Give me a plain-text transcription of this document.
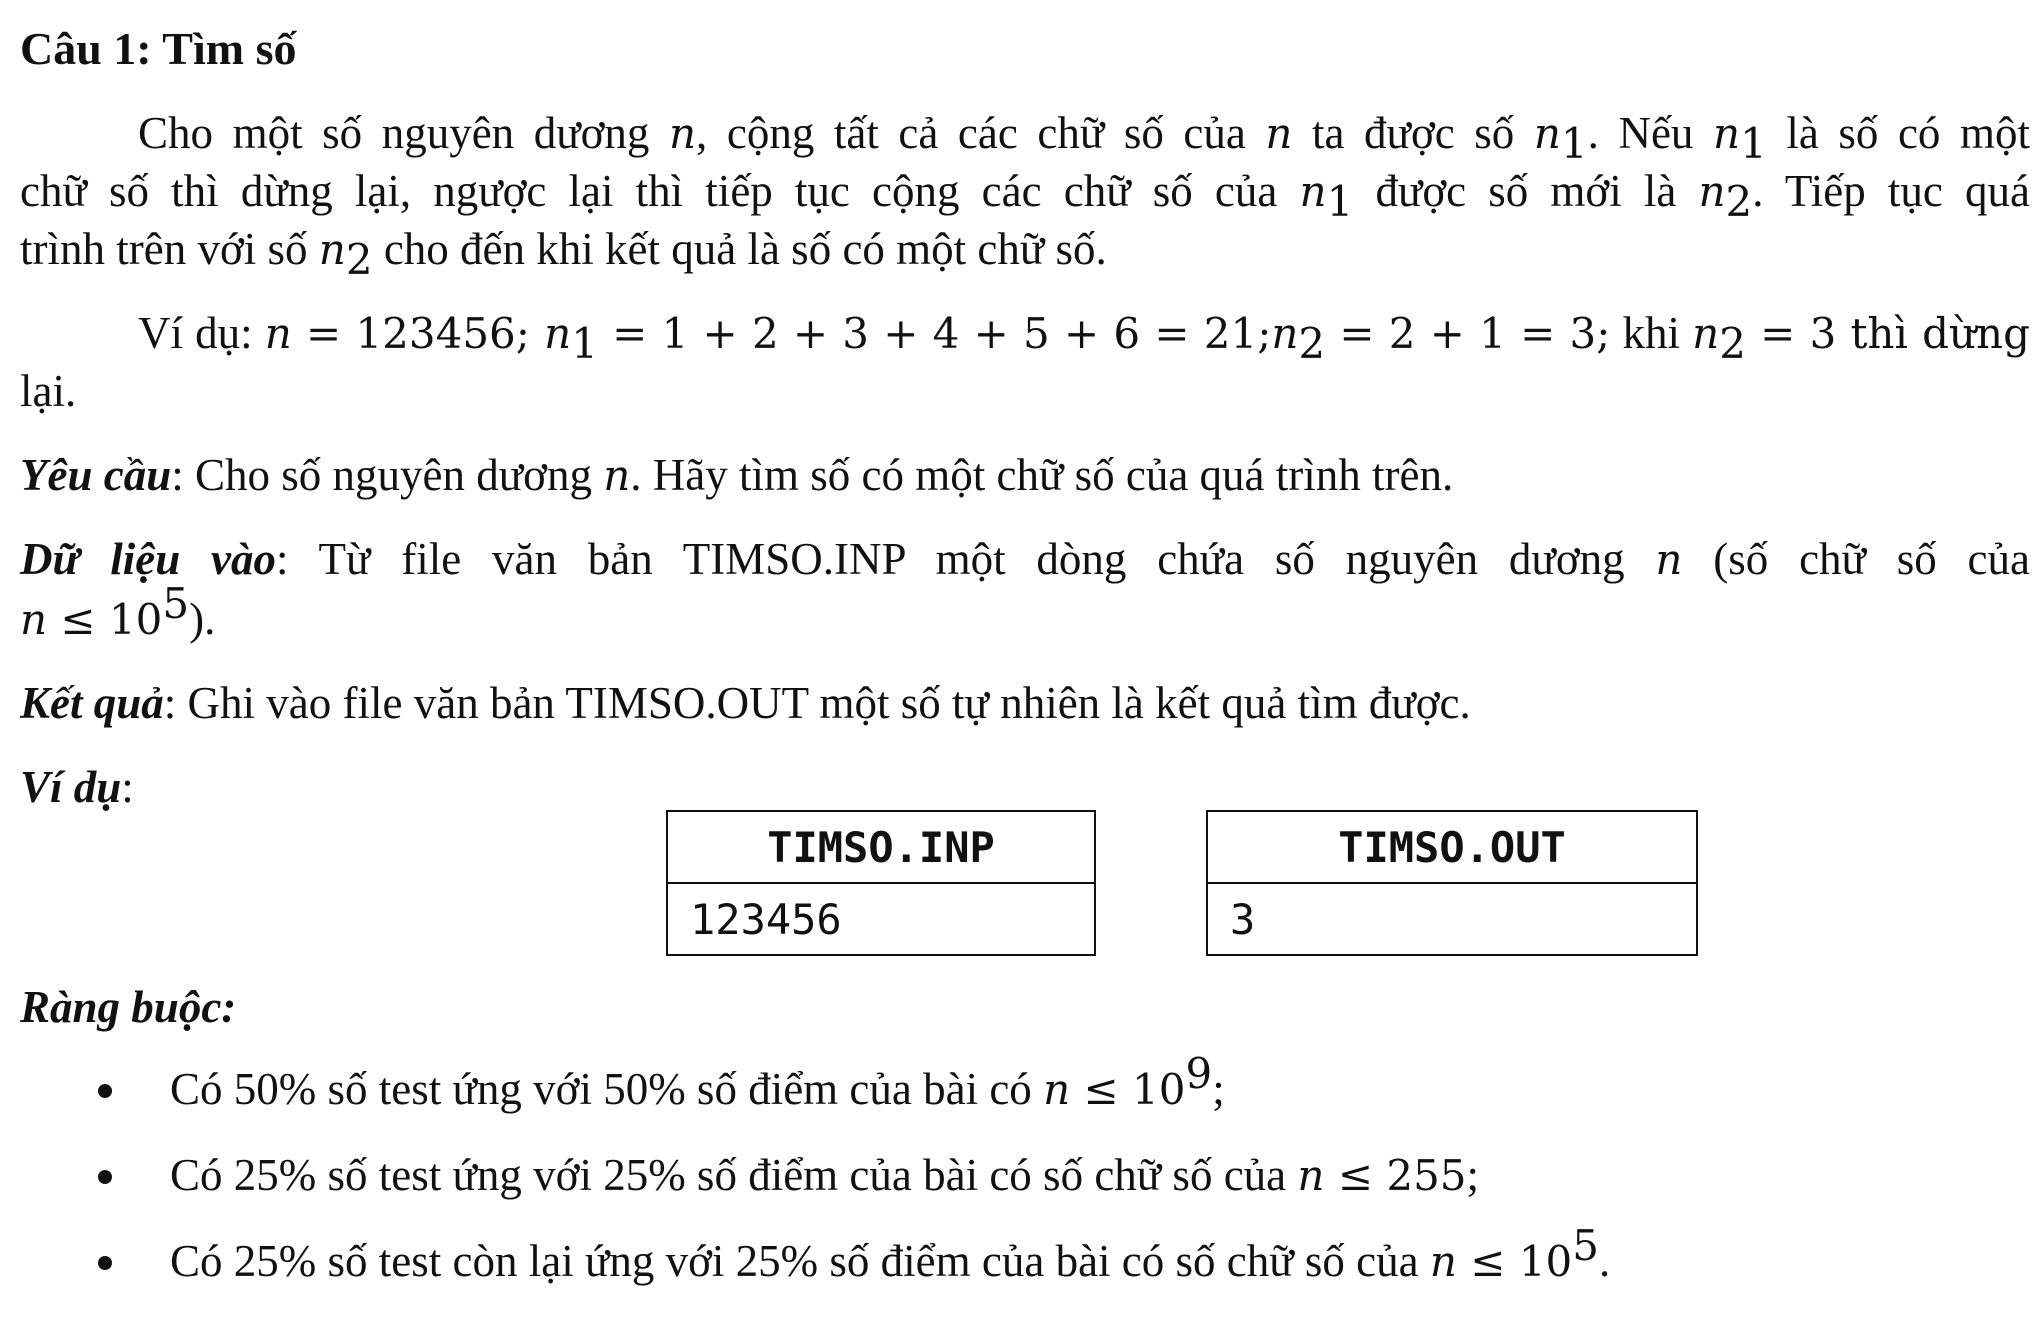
Câu 1: Tìm số
Cho một số nguyên dương n, cộng tất cả các chữ số của n ta được số $n_1$. Nếu $n_1$ là số có một
chữ số thì dừng lại, ngược lại thì tiếp tục cộng các chữ số của $n_1$ được số mới là $n_2$. Tiếp tục quá
trình trên với số $n_2$ cho đến khi kết quả là số có một chữ số.
Ví dụ: n = 123456; $n_1 = 1 + 2 + 3 + 4 + 5 + 6$ = $21;n_2 = 2 + 1 = 3$; khi $n_2 = 3$ thì dừng
lại.
Yêu cầu: Cho số nguyên dương n. Hãy tìm số có một chữ số của quá trình trên.
Dữ liệu vào: Từ file văn bản TIMSO.INP một dòng chứa số nguyên dương n (số chữ số của
$n \le 10^5$).
Kết quả: Ghi vào file văn bản TIMSO.OUT một số tự nhiên là kết quả tìm được.
Ví dụ:
TIMSO.INP
123456
TIMSO.OUT
3
Ràng buộc:
Có 50% số test ứng với 50% số điểm của bài có $n \le 10^9$;
Có 25% số test ứng với 25% số điểm của bài có số chữ số của n ≤ 255;
Có 25% số test còn lại ứng với 25% số điểm của bài có số chữ số của $n \le 10^5$.
